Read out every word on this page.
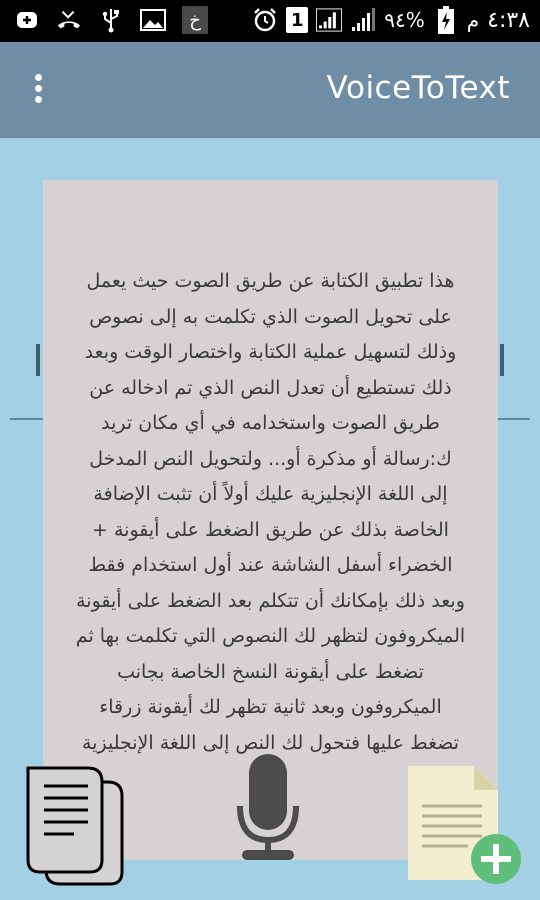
خ	1	٩٤% م ٤:٣٨
VoiceToText

هذا تطبيق الكتابة عن طريق الصوت حيث يعمل
على تحويل الصوت الذي تكلمت به إلى نصوص
وذلك لتسهيل عملية الكتابة واختصار الوقت وبعد
ذلك تستطيع أن تعدل النص الذي تم ادخاله عن
طريق الصوت واستخدامه في أي مكان تريد
ك:رسالة أو مذكرة أو... ولتحويل النص المدخل
إلى اللغة الإنجليزية عليك أولاً أن تثبت الإضافة
الخاصة بذلك عن طريق الضغط على أيقونة +
الخضراء أسفل الشاشة عند أول استخدام فقط
وبعد ذلك بإمكانك أن تتكلم بعد الضغط على أيقونة
الميكروفون لتظهر لك النصوص التي تكلمت بها ثم
تضغط على أيقونة النسخ الخاصة بجانب
الميكروفون وبعد ثانية تظهر لك أيقونة زرقاء
تضغط عليها فتحول لك النص إلى اللغة الإنجليزية
